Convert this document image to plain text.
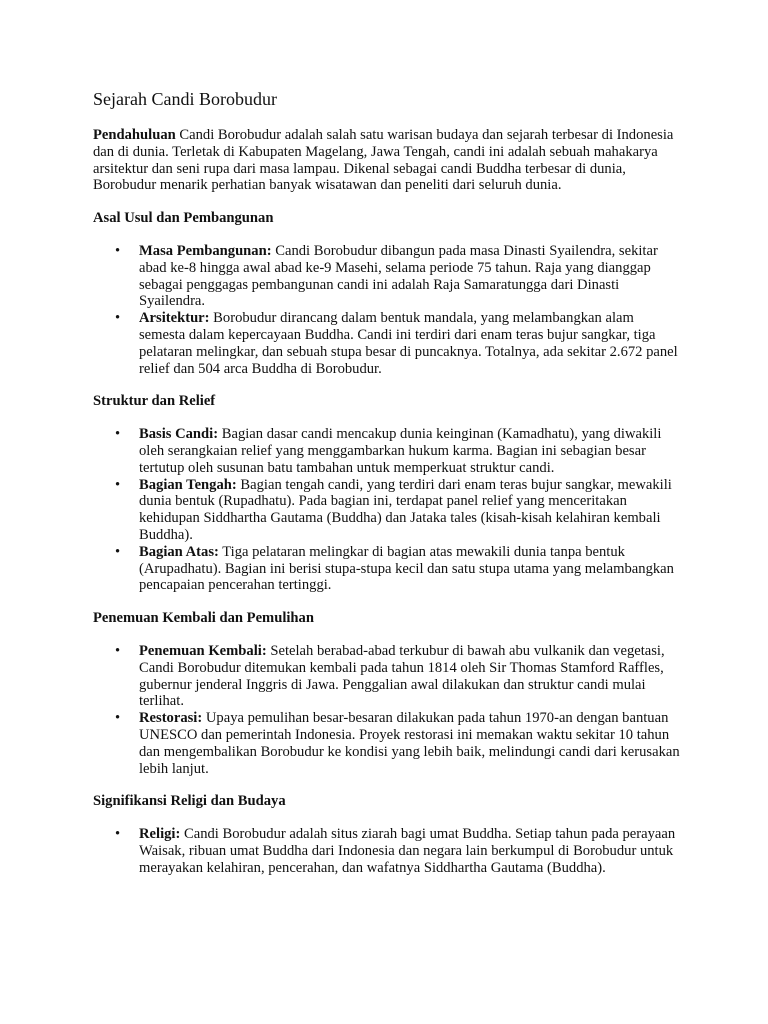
Sejarah Candi Borobudur

Pendahuluan Candi Borobudur adalah salah satu warisan budaya dan sejarah terbesar di Indonesia dan di dunia. Terletak di Kabupaten Magelang, Jawa Tengah, candi ini adalah sebuah mahakarya arsitektur dan seni rupa dari masa lampau. Dikenal sebagai candi Buddha terbesar di dunia, Borobudur menarik perhatian banyak wisatawan dan peneliti dari seluruh dunia.

Asal Usul dan Pembangunan

• Masa Pembangunan: Candi Borobudur dibangun pada masa Dinasti Syailendra, sekitar abad ke-8 hingga awal abad ke-9 Masehi, selama periode 75 tahun. Raja yang dianggap sebagai penggagas pembangunan candi ini adalah Raja Samaratungga dari Dinasti Syailendra.
• Arsitektur: Borobudur dirancang dalam bentuk mandala, yang melambangkan alam semesta dalam kepercayaan Buddha. Candi ini terdiri dari enam teras bujur sangkar, tiga pelataran melingkar, dan sebuah stupa besar di puncaknya. Totalnya, ada sekitar 2.672 panel relief dan 504 arca Buddha di Borobudur.

Struktur dan Relief

• Basis Candi: Bagian dasar candi mencakup dunia keinginan (Kamadhatu), yang diwakili oleh serangkaian relief yang menggambarkan hukum karma. Bagian ini sebagian besar tertutup oleh susunan batu tambahan untuk memperkuat struktur candi.
• Bagian Tengah: Bagian tengah candi, yang terdiri dari enam teras bujur sangkar, mewakili dunia bentuk (Rupadhatu). Pada bagian ini, terdapat panel relief yang menceritakan kehidupan Siddhartha Gautama (Buddha) dan Jataka tales (kisah-kisah kelahiran kembali Buddha).
• Bagian Atas: Tiga pelataran melingkar di bagian atas mewakili dunia tanpa bentuk (Arupadhatu). Bagian ini berisi stupa-stupa kecil dan satu stupa utama yang melambangkan pencapaian pencerahan tertinggi.

Penemuan Kembali dan Pemulihan

• Penemuan Kembali: Setelah berabad-abad terkubur di bawah abu vulkanik dan vegetasi, Candi Borobudur ditemukan kembali pada tahun 1814 oleh Sir Thomas Stamford Raffles, gubernur jenderal Inggris di Jawa. Penggalian awal dilakukan dan struktur candi mulai terlihat.
• Restorasi: Upaya pemulihan besar-besaran dilakukan pada tahun 1970-an dengan bantuan UNESCO dan pemerintah Indonesia. Proyek restorasi ini memakan waktu sekitar 10 tahun dan mengembalikan Borobudur ke kondisi yang lebih baik, melindungi candi dari kerusakan lebih lanjut.

Signifikansi Religi dan Budaya

• Religi: Candi Borobudur adalah situs ziarah bagi umat Buddha. Setiap tahun pada perayaan Waisak, ribuan umat Buddha dari Indonesia dan negara lain berkumpul di Borobudur untuk merayakan kelahiran, pencerahan, dan wafatnya Siddhartha Gautama (Buddha).
